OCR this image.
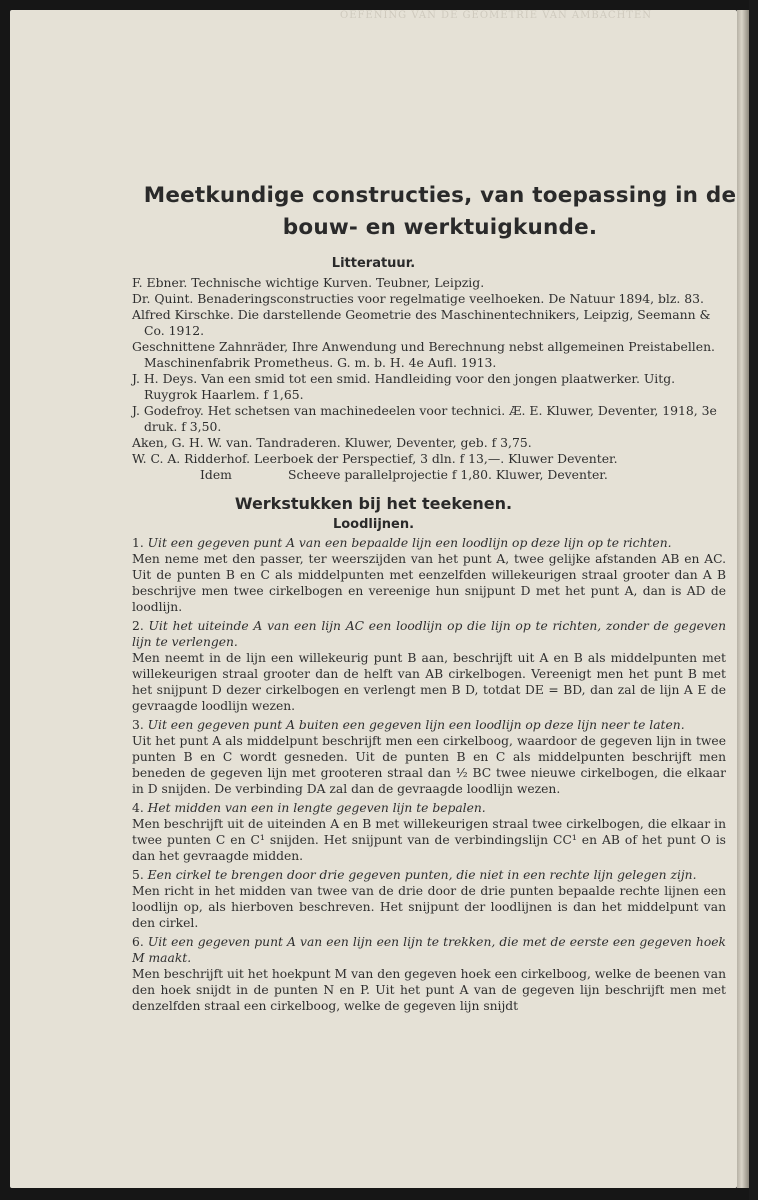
OEFENING VAN DE GEOMETRIE VAN AMBACHTEN
Meetkundige constructies, van toepassing in de
bouw- en werktuigkunde.
Litteratuur.

F. Ebner. Technische wichtige Kurven. Teubner, Leipzig.

Dr. Quint. Benaderingsconstructies voor regelmatige veelhoeken. De Natuur 1894, blz. 83.

Alfred Kirschke. Die darstellende Geometrie des Maschinentechnikers, Leipzig, Seemann & Co. 1912.

Geschnittene Zahnräder, Ihre Anwendung und Berechnung nebst allgemeinen Preistabellen. Maschinenfabrik Prometheus. G. m. b. H. 4e Aufl. 1913.

J. H. Deys. Van een smid tot een smid. Handleiding voor den jongen plaatwerker. Uitg. Ruygrok Haarlem. f 1,65.

J. Godefroy. Het schetsen van machinedeelen voor technici. Æ. E. Kluwer, Deventer, 1918, 3e druk. f 3,50.

Aken, G. H. W. van. Tandraderen. Kluwer, Deventer, geb. f 3,75.

W. C. A. Ridderhof. Leerboek der Perspectief, 3 dln. f 13,—. Kluwer Deventer.

Idem	Scheeve parallelprojectie f 1,80. Kluwer, Deventer.
Werkstukken bij het teekenen.
Loodlijnen.
1. Uit een gegeven punt A van een bepaalde lijn een loodlijn op deze lijn op te richten.

Men neme met den passer, ter weerszijden van het punt A, twee gelijke afstanden AB en AC. Uit de punten B en C als middelpunten met eenzelfden willekeurigen straal grooter dan A B beschrijve men twee cirkelbogen en vereenige hun snijpunt D met het punt A, dan is AD de loodlijn.

2. Uit het uiteinde A van een lijn AC een loodlijn op die lijn op te richten, zonder de gegeven lijn te verlengen.

Men neemt in de lijn een willekeurig punt B aan, beschrijft uit A en B als middelpunten met willekeurigen straal grooter dan de helft van AB cirkelbogen. Vereenigt men het punt B met het snijpunt D dezer cirkelbogen en verlengt men B D, totdat DE = BD, dan zal de lijn A E de gevraagde loodlijn wezen.

3. Uit een gegeven punt A buiten een gegeven lijn een loodlijn op deze lijn neer te laten.

Uit het punt A als middelpunt beschrijft men een cirkelboog, waardoor de gegeven lijn in twee punten B en C wordt gesneden. Uit de punten B en C als middelpunten beschrijft men beneden de gegeven lijn met grooteren straal dan ½ BC twee nieuwe cirkelbogen, die elkaar in D snijden. De verbinding DA zal dan de gevraagde loodlijn wezen.

4. Het midden van een in lengte gegeven lijn te bepalen.

Men beschrijft uit de uiteinden A en B met willekeurigen straal twee cirkelbogen, die elkaar in twee punten C en C¹ snijden. Het snijpunt van de verbindingslijn CC¹ en AB of het punt O is dan het gevraagde midden.

5. Een cirkel te brengen door drie gegeven punten, die niet in een rechte lijn gelegen zijn.

Men richt in het midden van twee van de drie door de drie punten bepaalde rechte lijnen een loodlijn op, als hierboven beschreven. Het snijpunt der loodlijnen is dan het middelpunt van den cirkel.

6. Uit een gegeven punt A van een lijn een lijn te trekken, die met de eerste een gegeven hoek M maakt.

Men beschrijft uit het hoekpunt M van den gegeven hoek een cirkelboog, welke de beenen van den hoek snijdt in de punten N en P. Uit het punt A van de gegeven lijn beschrijft men met denzelfden straal een cirkelboog, welke de gegeven lijn snijdt
